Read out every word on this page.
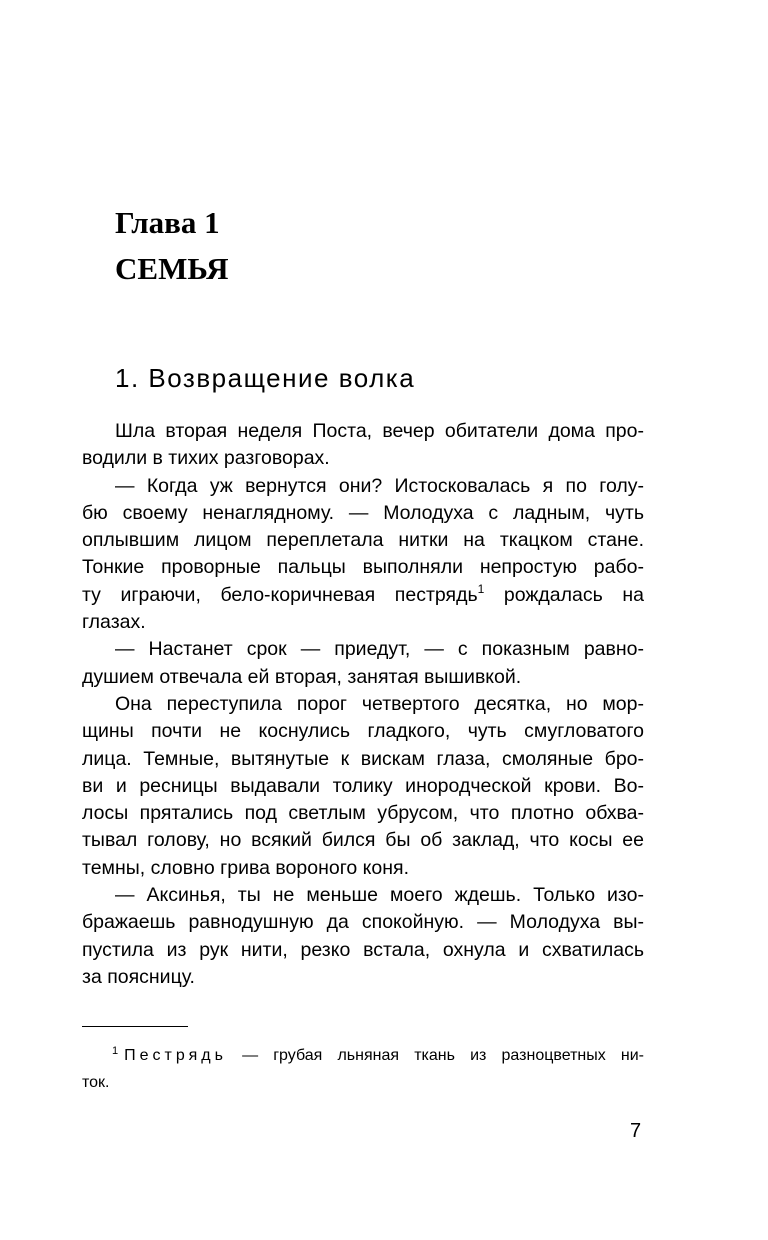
Глава 1
СЕМЬЯ
1. Возвращение волка

Шла вторая неделя Поста, вечер обитатели дома про-
водили в тихих разговорах.

— Когда уж вернутся они? Истосковалась я по голу-
бю своему ненаглядному. — Молодуха с ладным, чуть
оплывшим лицом переплетала нитки на ткацком стане.
Тонкие проворные пальцы выполняли непростую рабо-
ту играючи, бело-коричневая пестрядь$^1$ рождалась на
глазах.

— Настанет срок — приедут, — с показным равно-
душием отвечала ей вторая, занятая вышивкой.

Она переступила порог четвертого десятка, но мор-
щины почти не коснулись гладкого, чуть смугловатого
лица. Темные, вытянутые к вискам глаза, смоляные бро-
ви и ресницы выдавали толику инородческой крови. Во-
лосы прятались под светлым убрусом, что плотно обхва-
тывал голову, но всякий бился бы об заклад, что косы ее
темны, словно грива вороного коня.

— Аксинья, ты не меньше моего ждешь. Только изо-
бражаешь равнодушную да спокойную. — Молодуха вы-
пустила из рук нити, резко встала, охнула и схватилась
за поясницу.

$^1$ Пестрядь — грубая льняная ткань из разноцветных ни-
ток.
7
